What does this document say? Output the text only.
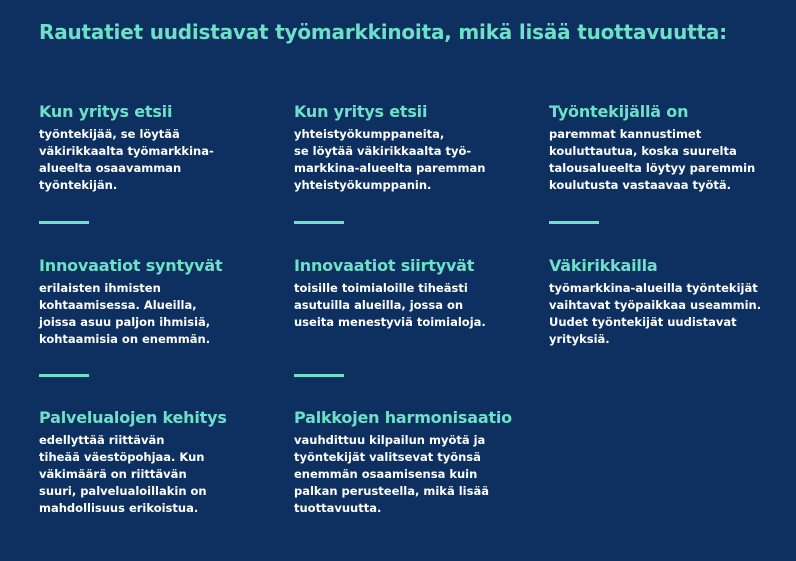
Rautatiet uudistavat työmarkkinoita, mikä lisää tuottavuutta:
Kun yritys etsii

työntekijää, se löytää
väkirikkaalta työmarkkina-
alueelta osaavamman
työntekijän.

Kun yritys etsii

yhteistyökumppaneita,
se löytää väkirikkaalta työ-
markkina-alueelta paremman
yhteistyökumppanin.

Työntekijällä on

paremmat kannustimet
kouluttautua, koska suurelta
talousalueelta löytyy paremmin
koulutusta vastaavaa työtä.

Innovaatiot syntyvät

erilaisten ihmisten
kohtaamisessa. Alueilla,
joissa asuu paljon ihmisiä,
kohtaamisia on enemmän.

Innovaatiot siirtyvät

toisille toimialoille tiheästi
asutuilla alueilla, jossa on
useita menestyviä toimialoja.

Väkirikkailla

työmarkkina-alueilla työntekijät
vaihtavat työpaikkaa useammin.
Uudet työntekijät uudistavat
yrityksiä.

Palvelualojen kehitys

edellyttää riittävän
tiheää väestöpohjaa. Kun
väkimäärä on riittävän
suuri, palvelualoillakin on
mahdollisuus erikoistua.

Palkkojen harmonisaatio

vauhdittuu kilpailun myötä ja
työntekijät valitsevat työnsä
enemmän osaamisensa kuin
palkan perusteella, mikä lisää
tuottavuutta.
